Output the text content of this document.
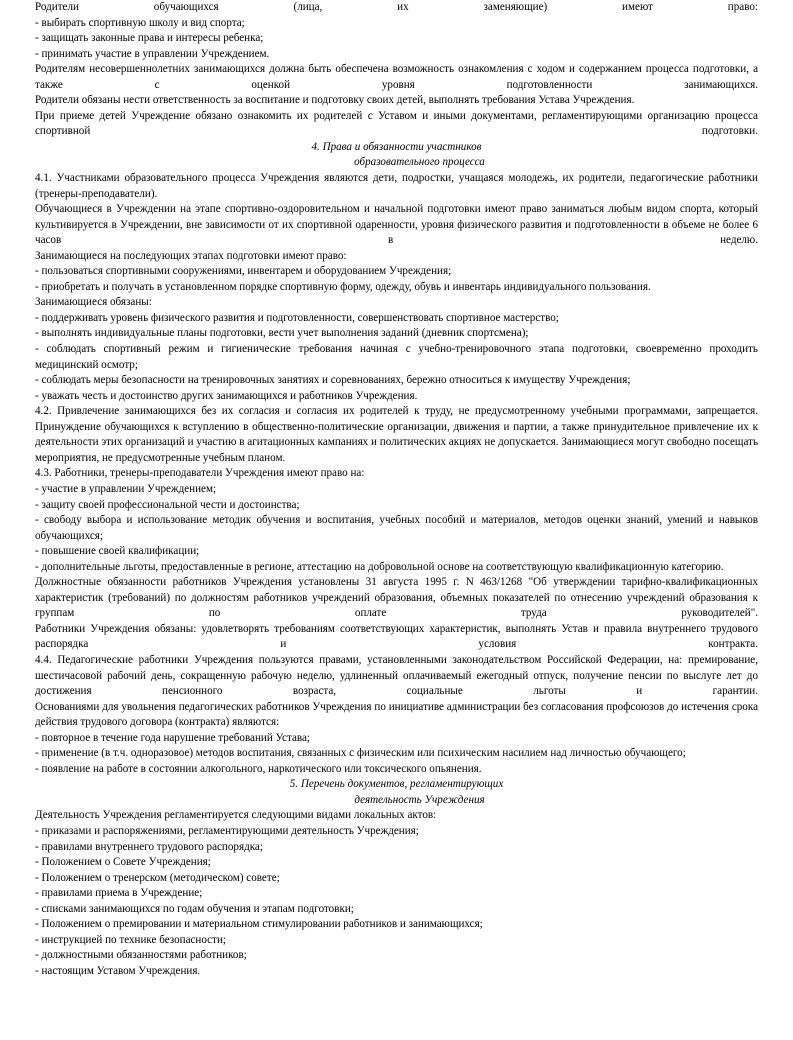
Родители обучающихся (лица, их заменяющие) имеют право:

- выбирать спортивную школу и вид спорта;

- защищать законные права и интересы ребенка;

- принимать участие в управлении Учреждением.

Родителям несовершеннолетних занимающихся должна быть обеспечена возможность ознакомления с ходом и содержанием процесса подготовки, а также с оценкой уровня подготовленности занимающихся.

Родители обязаны нести ответственность за воспитание и подготовку своих детей, выполнять требования Устава Учреждения.

При приеме детей Учреждение обязано ознакомить их родителей с Уставом и иными документами, регламентирующими организацию процесса спортивной подготовки.

4. Права и обязанности участников
образовательного процесса

4.1. Участниками образовательного процесса Учреждения являются дети, подростки, учащаяся молодежь, их родители, педагогические работники (тренеры-преподаватели).

Обучающиеся в Учреждении на этапе спортивно-оздоровительном и начальной подготовки имеют право заниматься любым видом спорта, который культивируется в Учреждении, вне зависимости от их спортивной одаренности, уровня физического развития и подготовленности в объеме не более 6 часов в неделю.

Занимающиеся на последующих этапах подготовки имеют право:

- пользоваться спортивными сооружениями, инвентарем и оборудованием Учреждения;

- приобретать и получать в установленном порядке спортивную форму, одежду, обувь и инвентарь индивидуального пользования.

Занимающиеся обязаны:

- поддерживать уровень физического развития и подготовленности, совершенствовать спортивное мастерство;

- выполнять индивидуальные планы подготовки, вести учет выполнения заданий (дневник спортсмена);

- соблюдать спортивный режим и гигиенические требования начиная с учебно-тренировочного этапа подготовки, своевременно проходить медицинский осмотр;

- соблюдать меры безопасности на тренировочных занятиях и соревнованиях, бережно относиться к имуществу Учреждения;

- уважать честь и достоинство других занимающихся и работников Учреждения.

4.2. Привлечение занимающихся без их согласия и согласия их родителей к труду, не предусмотренному учебными программами, запрещается. Принуждение обучающихся к вступлению в общественно-политические организации, движения и партии, а также принудительное привлечение их к деятельности этих организаций и участию в агитационных кампаниях и политических акциях не допускается. Занимающиеся могут свободно посещать мероприятия, не предусмотренные учебным планом.

4.3. Работники, тренеры-преподаватели Учреждения имеют право на:

- участие в управлении Учреждением;

- защиту своей профессиональной чести и достоинства;

- свободу выбора и использование методик обучения и воспитания, учебных пособий и материалов, методов оценки знаний, умений и навыков обучающихся;

- повышение своей квалификации;

- дополнительные льготы, предоставленные в регионе, аттестацию на добровольной основе на соответствующую квалификационную категорию.

Должностные обязанности работников Учреждения установлены 31 августа 1995 г. N 463/1268 "Об утверждении тарифно-квалификационных характеристик (требований) по должностям работников учреждений образования, объемных показателей по отнесению учреждений образования к группам по оплате труда руководителей".

Работники Учреждения обязаны: удовлетворять требованиям соответствующих характеристик, выполнять Устав и правила внутреннего трудового распорядка и условия контракта.

4.4. Педагогические работники Учреждения пользуются правами, установленными законодательством Российской Федерации, на: премирование, шестичасовой рабочий день, сокращенную рабочую неделю, удлиненный оплачиваемый ежегодный отпуск, получение пенсии по выслуге лет до достижения пенсионного возраста, социальные льготы и гарантии.

Основаниями для увольнения педагогических работников Учреждения по инициативе администрации без согласования профсоюзов до истечения срока действия трудового договора (контракта) являются:

- повторное в течение года нарушение требований Устава;

- применение (в т.ч. одноразовое) методов воспитания, связанных с физическим или психическим насилием над личностью обучающего;

- появление на работе в состоянии алкогольного, наркотического или токсического опьянения.

5. Перечень документов, регламентирующих
деятельность Учреждения

Деятельность Учреждения регламентируется следующими видами локальных актов:

- приказами и распоряжениями, регламентирующими деятельность Учреждения;

- правилами внутреннего трудового распорядка;

- Положением о Совете Учреждения;

- Положением о тренерском (методическом) совете;

- правилами приема в Учреждение;

- списками занимающихся по годам обучения и этапам подготовки;

- Положением о премировании и материальном стимулировании работников и занимающихся;

- инструкцией по технике безопасности;

- должностными обязанностями работников;

- настоящим Уставом Учреждения.
